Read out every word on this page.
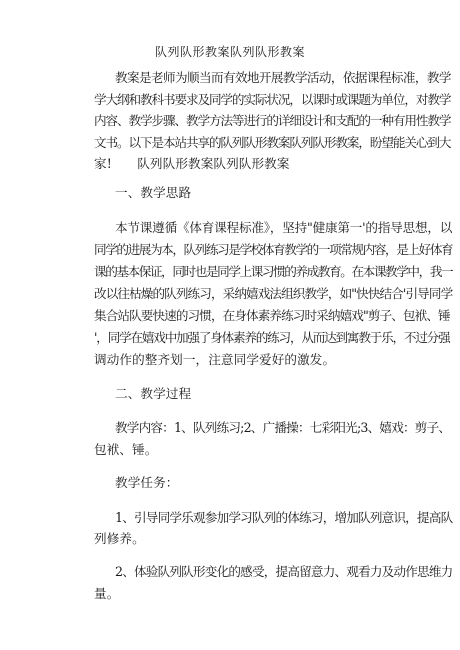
队列队形教案队列队形教案
教案是老师为顺当而有效地开展教学活动，依据课程标准，教学
学大纲和教科书要求及同学的实际状况，以课时或课题为单位，对教学
内容、教学步骤、教学方法等进行的详细设计和支配的一种有用性教学
文书。以下是本站共享的队列队形教案队列队形教案，盼望能关心到大
家!　　队列队形教案队列队形教案
一、教学思路
本节课遵循《体育课程标准》，坚持"健康第一'的指导思想，以
同学的进展为本，队列练习是学校体育教学的一项常规内容，是上好体育
课的基本保证，同时也是同学上课习惯的养成教育。在本课教学中，我一
改以往枯燥的队列练习，采纳嬉戏法组织教学，如"快快结合'引导同学
集合站队要快速的习惯，在身体素养练习时采纳嬉戏"剪子、包袱、锤
'，同学在嬉戏中加强了身体素养的练习，从而达到寓教于乐，不过分强
调动作的整齐划一，注意同学爱好的激发。
二、教学过程
教学内容：1、队列练习;2、广播操：七彩阳光;3、嬉戏：剪子、
包袱、锤。
教学任务：
1、引导同学乐观参加学习队列的体练习，增加队列意识，提高队
列修养。
2、体验队列队形变化的感受，提高留意力、观看力及动作思维力
量。
